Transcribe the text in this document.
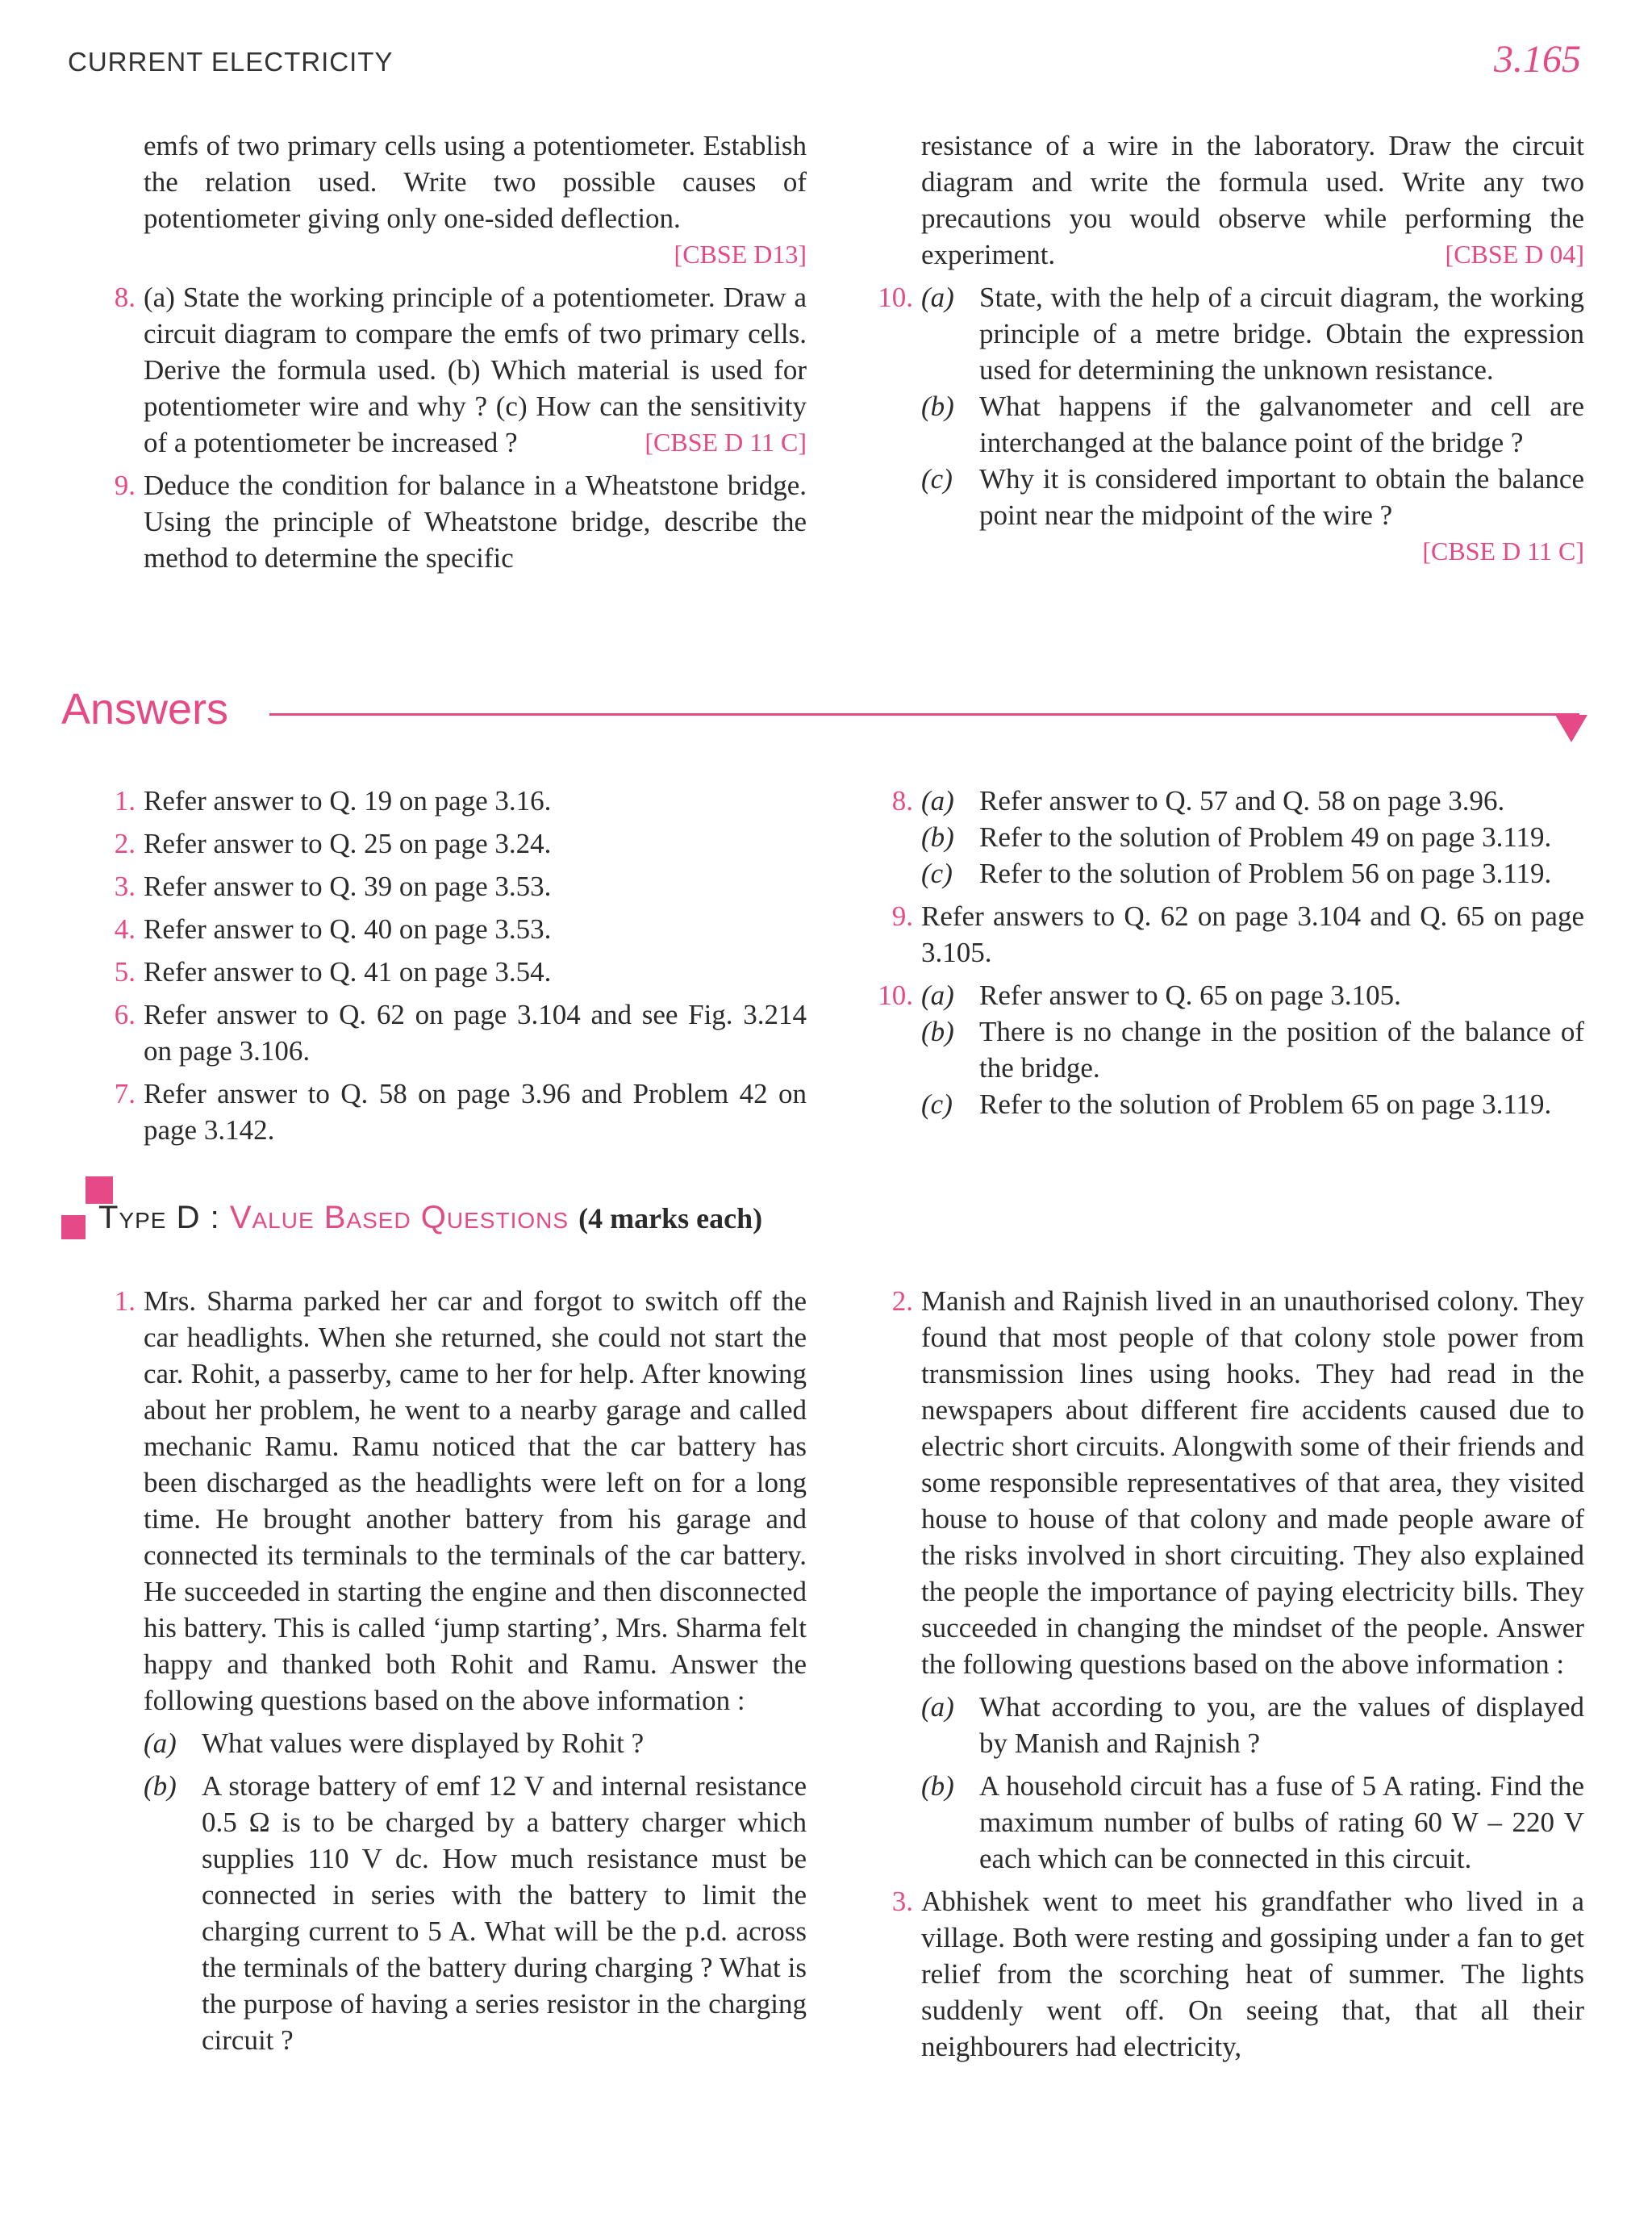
CURRENT ELECTRICITY	3.165
emfs of two primary cells using a potentiometer. Establish the relation used. Write two possible causes of potentiometer giving only one-sided deflection.
[CBSE D13]
8. (a) State the working principle of a potentiometer. Draw a circuit diagram to compare the emfs of two primary cells. Derive the formula used. (b) Which material is used for potentiometer wire and why ? (c) How can the sensitivity of a potentiometer be increased ?	[CBSE D 11 C]
9. Deduce the condition for balance in a Wheatstone bridge. Using the principle of Wheatstone bridge, describe the method to determine the specific
resistance of a wire in the laboratory. Draw the circuit diagram and write the formula used. Write any two precautions you would observe while performing the experiment.	[CBSE D 04]
10. (a) State, with the help of a circuit diagram, the working principle of a metre bridge. Obtain the expression used for determining the unknown resistance.
(b) What happens if the galvanometer and cell are interchanged at the balance point of the bridge ?
(c) Why it is considered important to obtain the balance point near the midpoint of the wire ?
[CBSE D 11 C]
Answers
1. Refer answer to Q. 19 on page 3.16.
2. Refer answer to Q. 25 on page 3.24.
3. Refer answer to Q. 39 on page 3.53.
4. Refer answer to Q. 40 on page 3.53.
5. Refer answer to Q. 41 on page 3.54.
6. Refer answer to Q. 62 on page 3.104 and see Fig. 3.214 on page 3.106.
7. Refer answer to Q. 58 on page 3.96 and Problem 42 on page 3.142.
8. (a) Refer answer to Q. 57 and Q. 58 on page 3.96.
(b) Refer to the solution of Problem 49 on page 3.119.
(c) Refer to the solution of Problem 56 on page 3.119.
9. Refer answers to Q. 62 on page 3.104 and Q. 65 on page 3.105.
10. (a) Refer answer to Q. 65 on page 3.105.
(b) There is no change in the position of the balance of the bridge.
(c) Refer to the solution of Problem 65 on page 3.119.
Type D : Value Based Questions (4 marks each)
1. Mrs. Sharma parked her car and forgot to switch off the car headlights. When she returned, she could not start the car. Rohit, a passerby, came to her for help. After knowing about her problem, he went to a nearby garage and called mechanic Ramu. Ramu noticed that the car battery has been discharged as the headlights were left on for a long time. He brought another battery from his garage and connected its terminals to the terminals of the car battery. He succeeded in starting the engine and then disconnected his battery. This is called ‘jump starting’, Mrs. Sharma felt happy and thanked both Rohit and Ramu. Answer the following questions based on the above information :
(a) What values were displayed by Rohit ?
(b) A storage battery of emf 12 V and internal resistance 0.5 Ω is to be charged by a battery charger which supplies 110 V dc. How much resistance must be connected in series with the battery to limit the charging current to 5 A. What will be the p.d. across the terminals of the battery during charging ? What is the purpose of having a series resistor in the charging circuit ?
2. Manish and Rajnish lived in an unauthorised colony. They found that most people of that colony stole power from transmission lines using hooks. They had read in the newspapers about different fire accidents caused due to electric short circuits. Alongwith some of their friends and some responsible representatives of that area, they visited house to house of that colony and made people aware of the risks involved in short circuiting. They also explained the people the importance of paying electricity bills. They succeeded in changing the mindset of the people. Answer the following questions based on the above information :
(a) What according to you, are the values of displayed by Manish and Rajnish ?
(b) A household circuit has a fuse of 5 A rating. Find the maximum number of bulbs of rating 60 W – 220 V each which can be connected in this circuit.
3. Abhishek went to meet his grandfather who lived in a village. Both were resting and gossiping under a fan to get relief from the scorching heat of summer. The lights suddenly went off. On seeing that, that all their neighbourers had electricity,
